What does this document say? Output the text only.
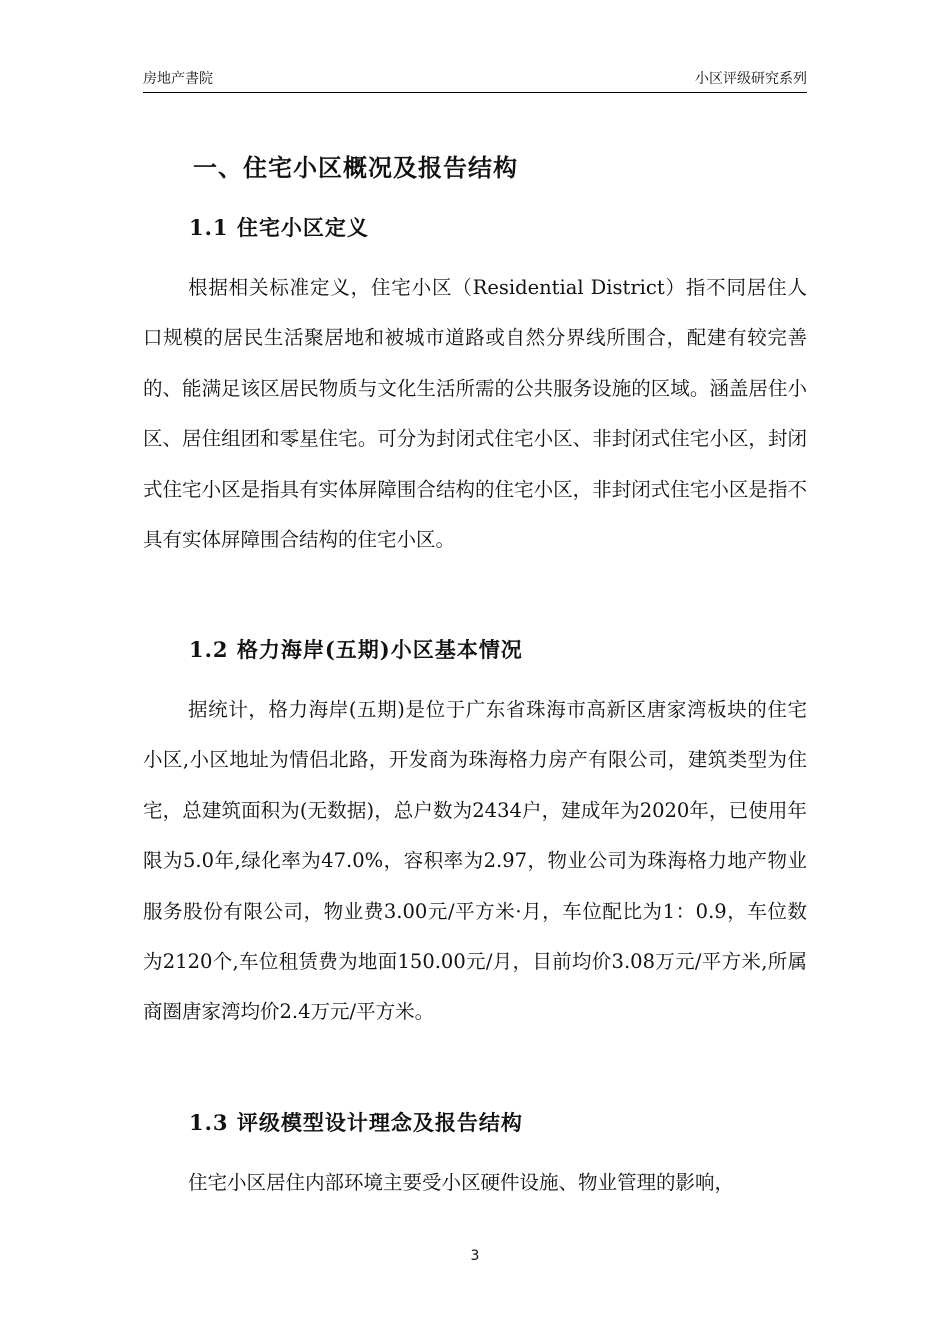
房地产書院	小区评级研究系列
一、住宅小区概况及报告结构
1.1 住宅小区定义

根据相关标准定义，住宅小区（Residential District）指不同居住人口规模的居民生活聚居地和被城市道路或自然分界线所围合，配建有较完善的、能满足该区居民物质与文化生活所需的公共服务设施的区域。涵盖居住小区、居住组团和零星住宅。可分为封闭式住宅小区、非封闭式住宅小区，封闭式住宅小区是指具有实体屏障围合结构的住宅小区，非封闭式住宅小区是指不具有实体屏障围合结构的住宅小区。

1.2 格力海岸(五期)小区基本情况

据统计，格力海岸(五期)是位于广东省珠海市高新区唐家湾板块的住宅小区,小区地址为情侣北路，开发商为珠海格力房产有限公司，建筑类型为住宅，总建筑面积为(无数据)，总户数为2434户，建成年为2020年，已使用年限为5.0年,绿化率为47.0%，容积率为2.97，物业公司为珠海格力地产物业服务股份有限公司，物业费3.00元/平方米·月，车位配比为1：0.9，车位数为2120个,车位租赁费为地面150.00元/月，目前均价3.08万元/平方米,所属商圈唐家湾均价2.4万元/平方米。

1.3 评级模型设计理念及报告结构

住宅小区居住内部环境主要受小区硬件设施、物业管理的影响，

3
